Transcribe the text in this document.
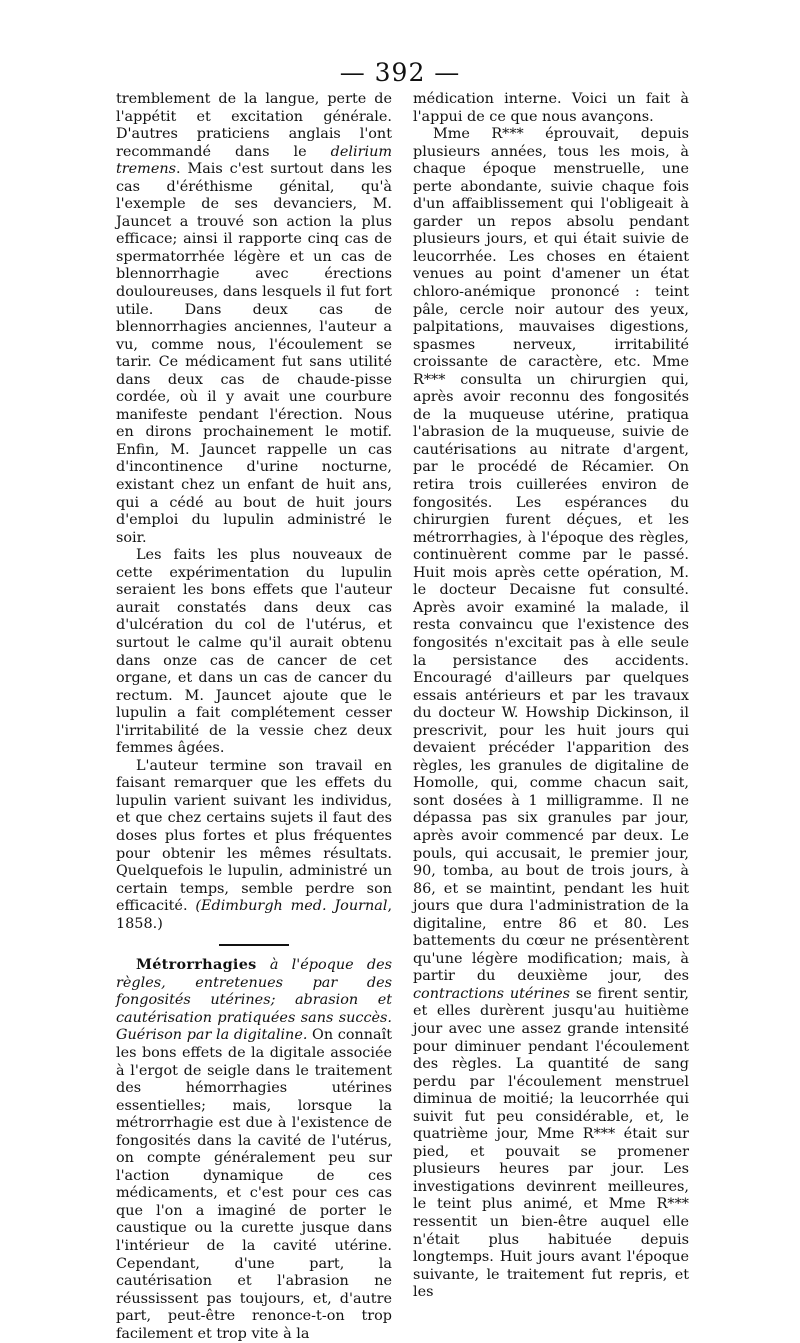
— 392 —

tremblement de la langue, perte de l'appétit et excitation générale. D'autres praticiens anglais l'ont recommandé dans le delirium tremens. Mais c'est surtout dans les cas d'éréthisme génital, qu'à l'exemple de ses devanciers, M. Jauncet a trouvé son action la plus efficace; ainsi il rapporte cinq cas de spermatorrhée légère et un cas de blennorrhagie avec érections douloureuses, dans lesquels il fut fort utile. Dans deux cas de blennorrhagies anciennes, l'auteur a vu, comme nous, l'écoulement se tarir. Ce médicament fut sans utilité dans deux cas de chaude-pisse cordée, où il y avait une courbure manifeste pendant l'érection. Nous en dirons prochainement le motif. Enfin, M. Jauncet rappelle un cas d'incontinence d'urine nocturne, existant chez un enfant de huit ans, qui a cédé au bout de huit jours d'emploi du lupulin administré le soir.

Les faits les plus nouveaux de cette expérimentation du lupulin seraient les bons effets que l'auteur aurait constatés dans deux cas d'ulcération du col de l'utérus, et surtout le calme qu'il aurait obtenu dans onze cas de cancer de cet organe, et dans un cas de cancer du rectum. M. Jauncet ajoute que le lupulin a fait complétement cesser l'irritabilité de la vessie chez deux femmes âgées.

L'auteur termine son travail en faisant remarquer que les effets du lupulin varient suivant les individus, et que chez certains sujets il faut des doses plus fortes et plus fréquentes pour obtenir les mêmes résultats. Quelquefois le lupulin, administré un certain temps, semble perdre son efficacité. (Edimburgh med. Journal, 1858.)

Métrorrhagies à l'époque des règles, entretenues par des fongosités utérines; abrasion et cautérisation pratiquées sans succès. Guérison par la digitaline. On connaît les bons effets de la digitale associée à l'ergot de seigle dans le traitement des hémorrhagies utérines essentielles; mais, lorsque la métrorrhagie est due à l'existence de fongosités dans la cavité de l'utérus, on compte généralement peu sur l'action dynamique de ces médicaments, et c'est pour ces cas que l'on a imaginé de porter le caustique ou la curette jusque dans l'intérieur de la cavité utérine. Cependant, d'une part, la cautérisation et l'abrasion ne réussissent pas toujours, et, d'autre part, peut-être renonce-t-on trop facilement et trop vite à la

médication interne. Voici un fait à l'appui de ce que nous avançons.

Mme R*** éprouvait, depuis plusieurs années, tous les mois, à chaque époque menstruelle, une perte abondante, suivie chaque fois d'un affaiblissement qui l'obligeait à garder un repos absolu pendant plusieurs jours, et qui était suivie de leucorrhée. Les choses en étaient venues au point d'amener un état chloro-anémique prononcé : teint pâle, cercle noir autour des yeux, palpitations, mauvaises digestions, spasmes nerveux, irritabilité croissante de caractère, etc. Mme R*** consulta un chirurgien qui, après avoir reconnu des fongosités de la muqueuse utérine, pratiqua l'abrasion de la muqueuse, suivie de cautérisations au nitrate d'argent, par le procédé de Récamier. On retira trois cuillerées environ de fongosités. Les espérances du chirurgien furent déçues, et les métrorrhagies, à l'époque des règles, continuèrent comme par le passé. Huit mois après cette opération, M. le docteur Decaisne fut consulté. Après avoir examiné la malade, il resta convaincu que l'existence des fongosités n'excitait pas à elle seule la persistance des accidents. Encouragé d'ailleurs par quelques essais antérieurs et par les travaux du docteur W. Howship Dickinson, il prescrivit, pour les huit jours qui devaient précéder l'apparition des règles, les granules de digitaline de Homolle, qui, comme chacun sait, sont dosées à 1 milligramme. Il ne dépassa pas six granules par jour, après avoir commencé par deux. Le pouls, qui accusait, le premier jour, 90, tomba, au bout de trois jours, à 86, et se maintint, pendant les huit jours que dura l'administration de la digitaline, entre 86 et 80. Les battements du cœur ne présentèrent qu'une légère modification; mais, à partir du deuxième jour, des contractions utérines se firent sentir, et elles durèrent jusqu'au huitième jour avec une assez grande intensité pour diminuer pendant l'écoulement des règles. La quantité de sang perdu par l'écoulement menstruel diminua de moitié; la leucorrhée qui suivit fut peu considérable, et, le quatrième jour, Mme R*** était sur pied, et pouvait se promener plusieurs heures par jour. Les investigations devinrent meilleures, le teint plus animé, et Mme R*** ressentit un bien-être auquel elle n'était plus habituée depuis longtemps. Huit jours avant l'époque suivante, le traitement fut repris, et les
